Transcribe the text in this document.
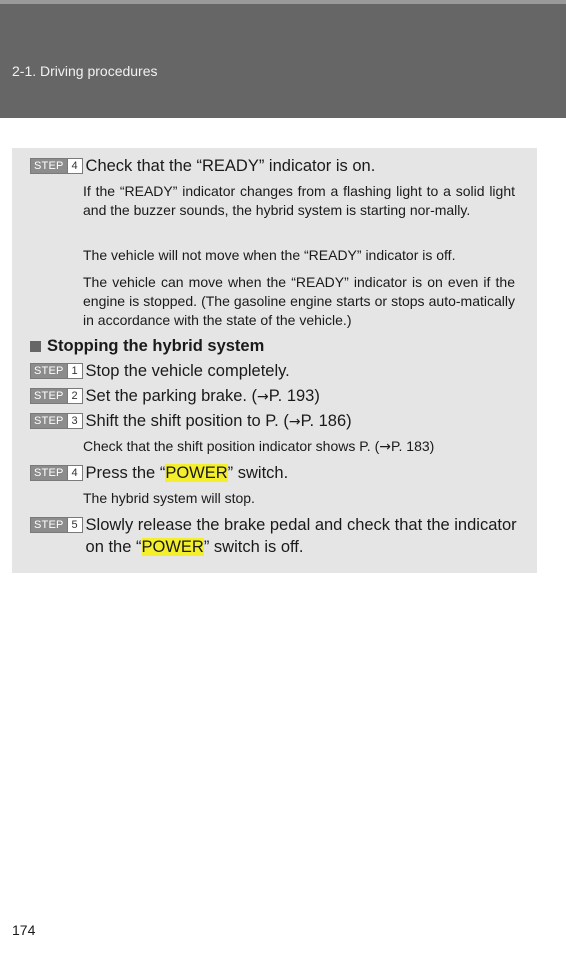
2-1. Driving procedures
STEP 4 Check that the “READY” indicator is on.
If the “READY” indicator changes from a flashing light to a solid light and the buzzer sounds, the hybrid system is starting nor-mally.
The vehicle will not move when the “READY” indicator is off.
The vehicle can move when the “READY” indicator is on even if the engine is stopped. (The gasoline engine starts or stops auto-matically in accordance with the state of the vehicle.)
Stopping the hybrid system
STEP 1 Stop the vehicle completely.
STEP 2 Set the parking brake. (→P. 193)
STEP 3 Shift the shift position to P. (→P. 186)
Check that the shift position indicator shows P. (→P. 183)
STEP 4 Press the “POWER” switch.
The hybrid system will stop.
STEP 5 Slowly release the brake pedal and check that the indicator
on the “POWER” switch is off.
174
